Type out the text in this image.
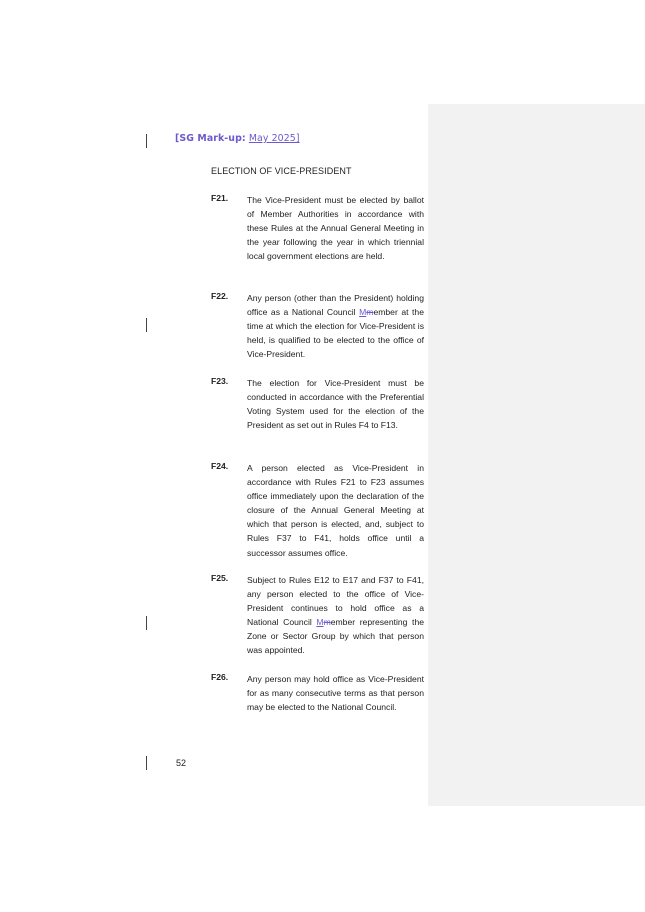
[SG Mark-up: May 2025]
ELECTION OF VICE-PRESIDENT
F21. The Vice-President must be elected by ballot of Member Authorities in accordance with these Rules at the Annual General Meeting in the year following the year in which triennial local government elections are held.
F22. Any person (other than the President) holding office as a National Council Mmember at the time at which the election for Vice-President is held, is qualified to be elected to the office of Vice-President.
F23. The election for Vice-President must be conducted in accordance with the Preferential Voting System used for the election of the President as set out in Rules F4 to F13.
F24. A person elected as Vice-President in accordance with Rules F21 to F23 assumes office immediately upon the declaration of the closure of the Annual General Meeting at which that person is elected, and, subject to Rules F37 to F41, holds office until a successor assumes office.
F25. Subject to Rules E12 to E17 and F37 to F41, any person elected to the office of Vice-President continues to hold office as a National Council Mmember representing the Zone or Sector Group by which that person was appointed.
F26. Any person may hold office as Vice-President for as many consecutive terms as that person may be elected to the National Council.
52
